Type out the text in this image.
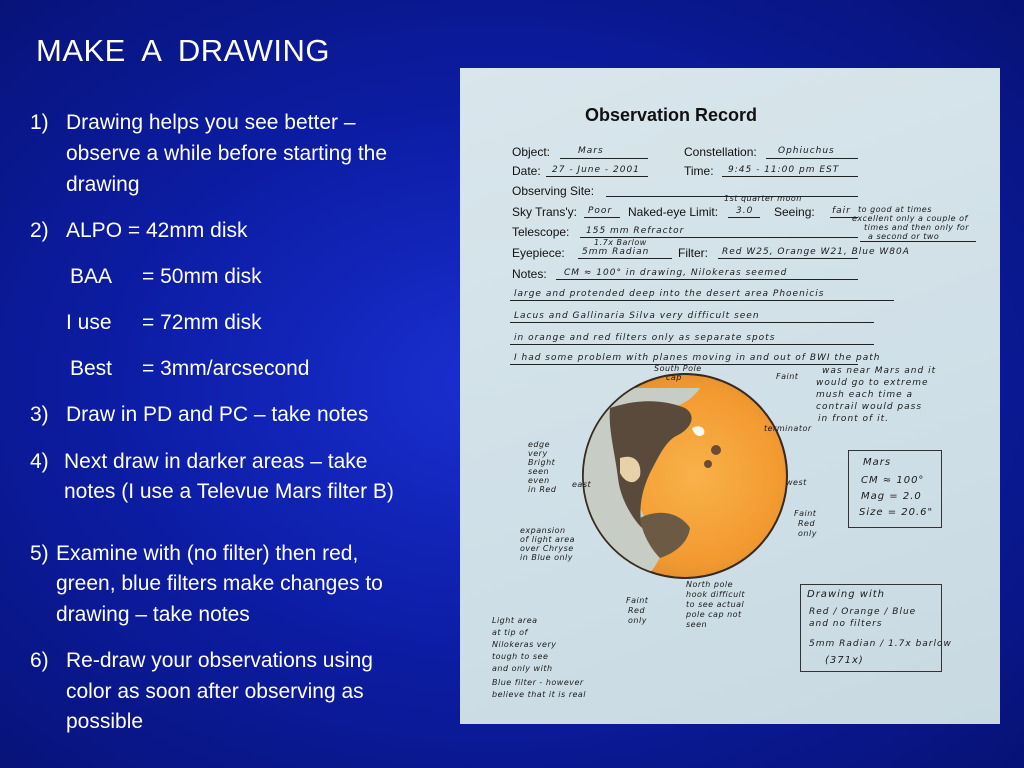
MAKE A DRAWING
1) Drawing helps you see better –
observe a while before starting the
drawing
2) ALPO = 42mm disk
BAA = 50mm disk
I use = 72mm disk
Best = 3mm/arcsecond
3) Draw in PD and PC – take notes
4) Next draw in darker areas – take
notes (I use a Televue Mars filter B)
5) Examine with (no filter) then red,
green, blue filters make changes to
drawing – take notes
6) Re-draw your observations using
color as soon after observing as
possible
Observation Record
Object:	Mars	Constellation: Ophiuchus
Date: 27 - June - 2001	Time: 9:45 - 11:00 pm EST
Observing Site:
1st quarter moon
Sky Trans'y: Poor Naked-eye Limit: 3.0 Seeing: fair to good at times
excellent only a couple of
times and then only for
a second or two
Telescope: 155 mm Refractor
1.7x Barlow
Eyepiece: 5mm Radian Filter: Red W25, Orange W21, Blue W80A
Notes: CM ≈ 100° in drawing, Nilokeras seemed
large and protended deep into the desert area Phoenicis
Lacus and Gallinaria Silva very difficult seen
in orange and red filters only as separate spots
I had some problem with planes moving in and out of BWI the path
was near Mars and it
would go to extreme
mush each time a
contrail would pass
in front of it.
South Pole
cap	Faint
edge
very
Bright
seen
even
in Red
east	west
terminator
Faint
Red
only
expansion
of light area
over Chryse
in Blue only
North pole
hook difficult
to see actual
pole cap not
seen
Faint
Red
only
Light area
at tip of
Nilokeras very
tough to see
and only with
Blue filter - however
believe that it is real
Mars
CM ≈ 100°
Mag = 2.0
Size = 20.6"
Drawing with
Red / Orange / Blue
and no filters
5mm Radian / 1.7x barlow
(371x)
